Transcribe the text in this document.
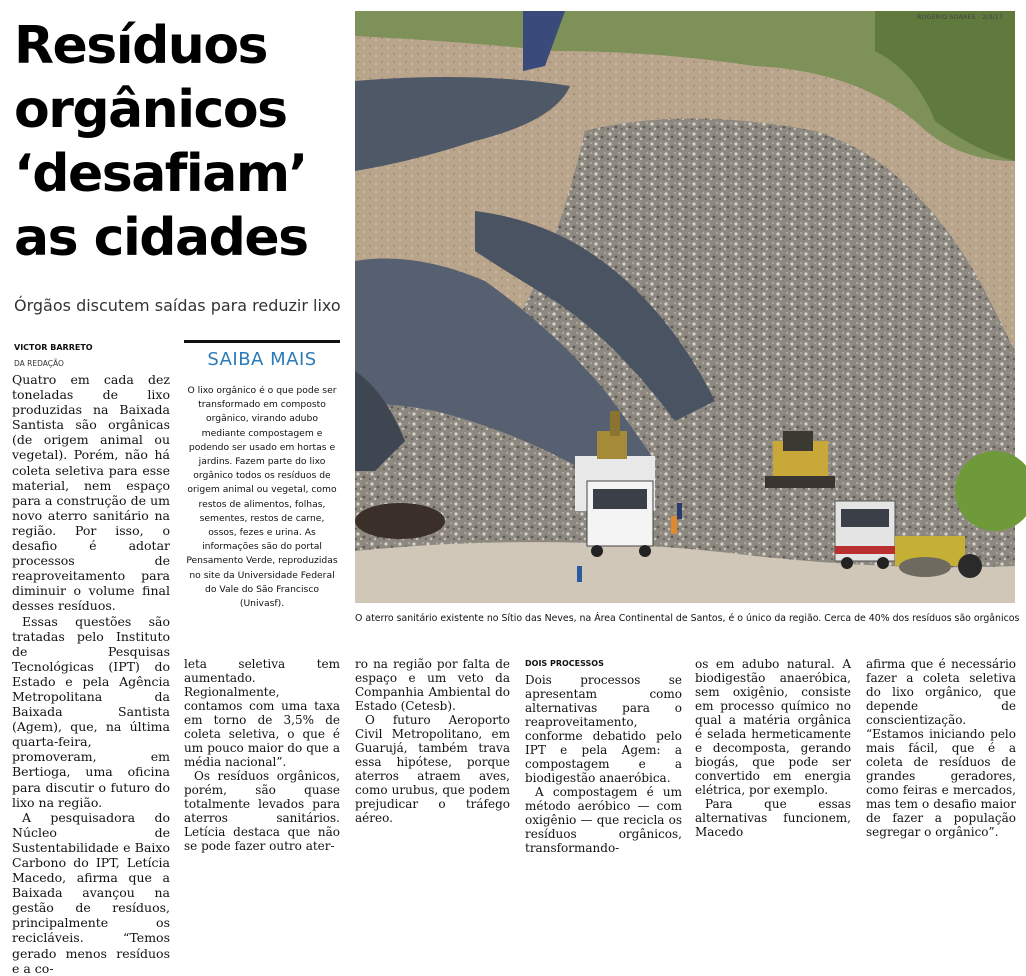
Resíduos
orgânicos
‘desafiam’
as cidades
Órgãos discutem saídas para reduzir lixo
VICTOR BARRETO
DA REDAÇÃO

Quatro em cada dez toneladas de lixo produzidas na Baixada Santista são orgânicas (de origem animal ou vegetal). Porém, não há coleta seletiva para esse material, nem espaço para a construção de um novo aterro sanitário na região. Por isso, o desafio é adotar processos de reaproveitamento para diminuir o volume final desses resíduos.

Essas questões são tratadas pelo Instituto de Pesquisas Tecnológicas (IPT) do Estado e pela Agência Metropolitana da Baixada Santista (Agem), que, na última quarta-feira, promoveram, em Bertioga, uma oficina para discutir o futuro do lixo na região.

A pesquisadora do Núcleo de Sustentabilidade e Baixo Carbono do IPT, Letícia Macedo, afirma que a Baixada avançou na gestão de resíduos, principalmente os recicláveis. “Temos gerado menos resíduos e a co-

SAIBA MAIS
O lixo orgânico é o que pode ser transformado em composto orgânico, virando adubo mediante compostagem e podendo ser usado em hortas e jardins. Fazem parte do lixo orgânico todos os resíduos de origem animal ou vegetal, como restos de alimentos, folhas, sementes, restos de carne, ossos, fezes e urina. As informações são do portal Pensamento Verde, reproduzidas no site da Universidade Federal do Vale do São Francisco (Univasf).
ROGÉRIO SOARES - 2/3/17
O aterro sanitário existente no Sítio das Neves, na Área Continental de Santos, é o único da região. Cerca de 40% dos resíduos são orgânicos

leta seletiva tem aumentado. Regionalmente, contamos com uma taxa em torno de 3,5% de coleta seletiva, o que é um pouco maior do que a média nacional”.

Os resíduos orgânicos, porém, são quase totalmente levados para aterros sanitários. Letícia destaca que não se pode fazer outro ater-

ro na região por falta de espaço e um veto da Companhia Ambiental do Estado (Cetesb).

O futuro Aeroporto Civil Metropolitano, em Guarujá, também trava essa hipótese, porque aterros atraem aves, como urubus, que podem prejudicar o tráfego aéreo.

DOIS PROCESSOS

Dois processos se apresentam como alternativas para o reaproveitamento, conforme debatido pelo IPT e pela Agem: a compostagem e a biodigestão anaeróbica.

A compostagem é um método aeróbico — com oxigênio — que recicla os resíduos orgânicos, transformando-

os em adubo natural. A biodigestão anaeróbica, sem oxigênio, consiste em processo químico no qual a matéria orgânica é selada hermeticamente e decomposta, gerando biogás, que pode ser convertido em energia elétrica, por exemplo.

Para que essas alternativas funcionem, Macedo

afirma que é necessário fazer a coleta seletiva do lixo orgânico, que depende de conscientização. “Estamos iniciando pelo mais fácil, que é a coleta de resíduos de grandes geradores, como feiras e mercados, mas tem o desafio maior de fazer a população segregar o orgânico”.
